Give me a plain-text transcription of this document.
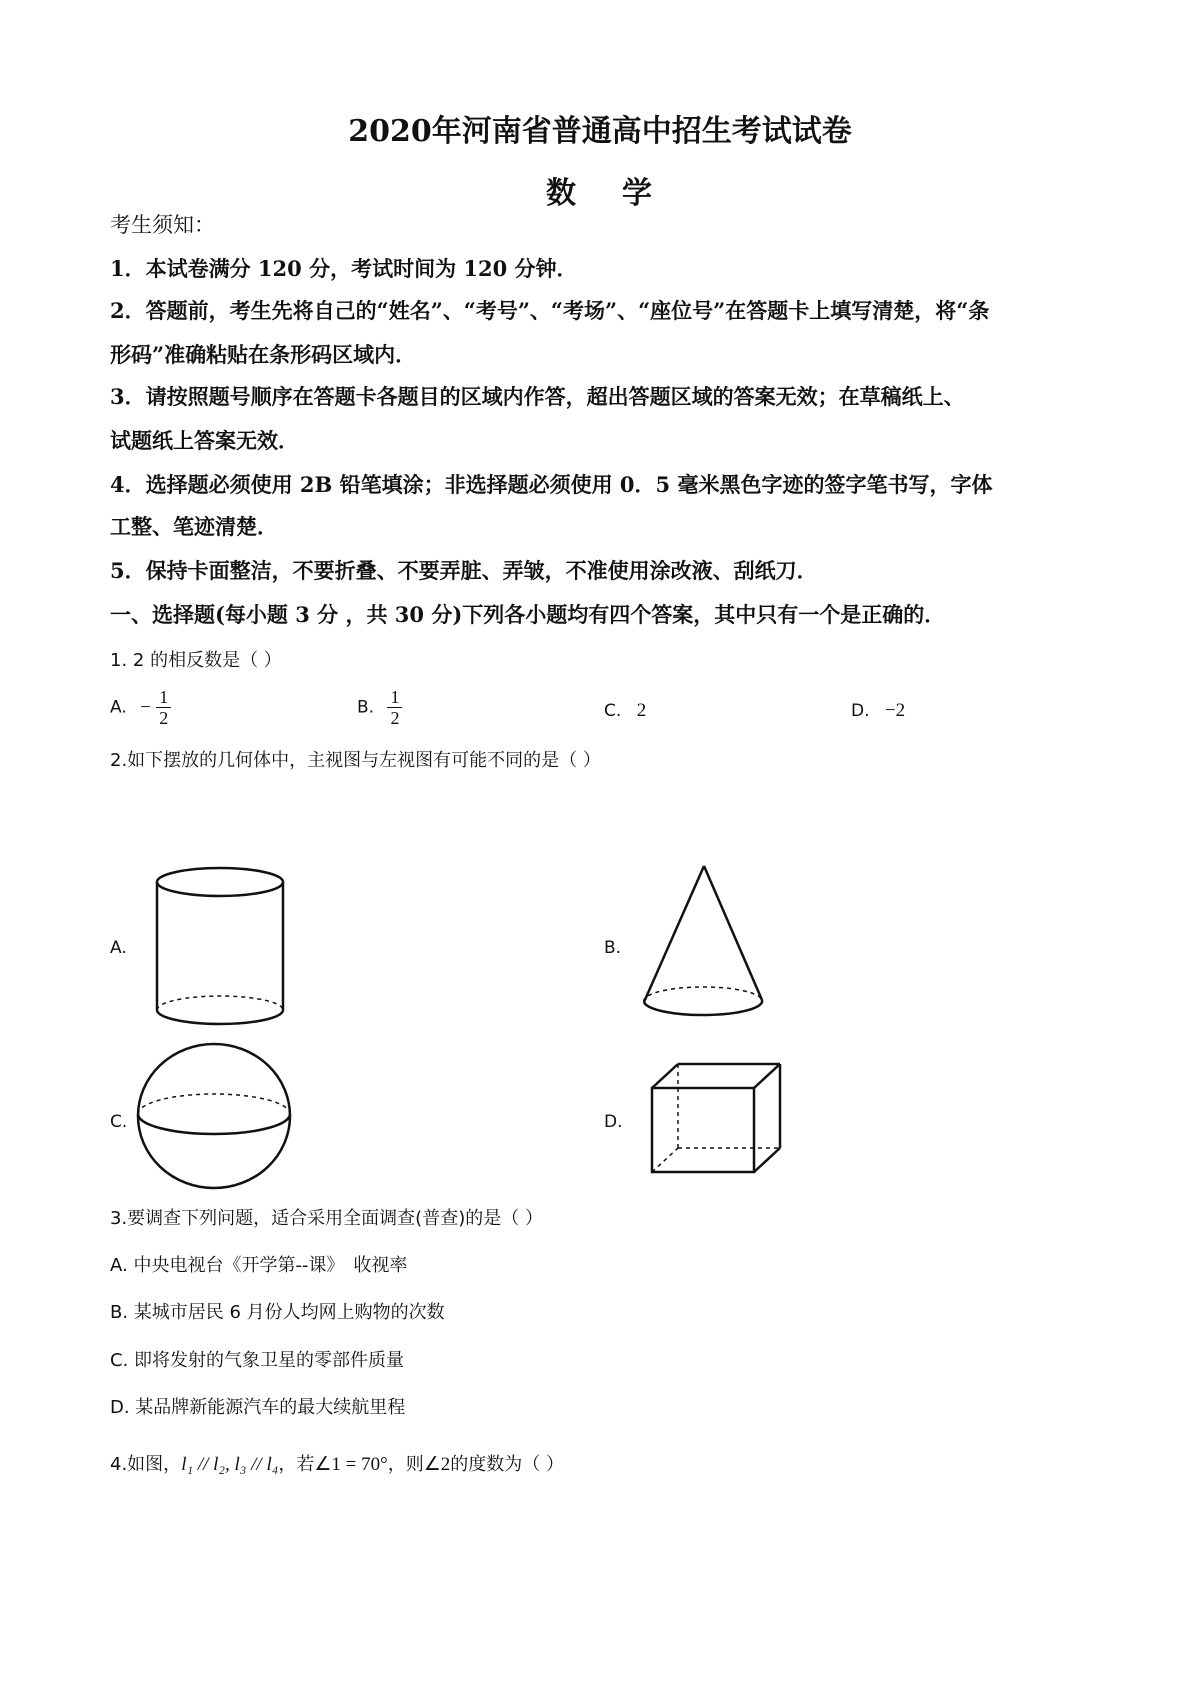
2020年河南省普通高中招生考试试卷
数 学
考生须知：
1．本试卷满分 120 分，考试时间为 120 分钟．
2．答题前，考生先将自己的“姓名”、“考号”、“考场”、“座位号”在答题卡上填写清楚，将“条
形码”准确粘贴在条形码区域内．
3．请按照题号顺序在答题卡各题目的区域内作答，超出答题区域的答案无效；在草稿纸上、
试题纸上答案无效．
4．选择题必须使用 2B 铅笔填涂；非选择题必须使用 0．5 毫米黑色字迹的签字笔书写，字体
工整、笔迹清楚．
5．保持卡面整洁，不要折叠、不要弄脏、弄皱，不准使用涂改液、刮纸刀．
一、选择题(每小题 3 分 ，共 30 分)下列各小题均有四个答案，其中只有一个是正确的．
1. 2 的相反数是（ ）
A. − $\frac{1}{2}$	B. $\frac{1}{2}$	C. 2	D. −2
2.如下摆放的几何体中，主视图与左视图有可能不同的是（ ）
A.	B.
C.	D.
3.要调查下列问题，适合采用全面调查(普查)的是（ ）
A. 中央电视台《开学第--课》　收视率
B. 某城市居民 6 月份人均网上购物的次数
C. 即将发射的气象卫星的零部件质量
D. 某品牌新能源汽车的最大续航里程
4.如图，l₁ // l₂, l₃ // l₄，若∠1 = 70°，则∠2的度数为（ ）
